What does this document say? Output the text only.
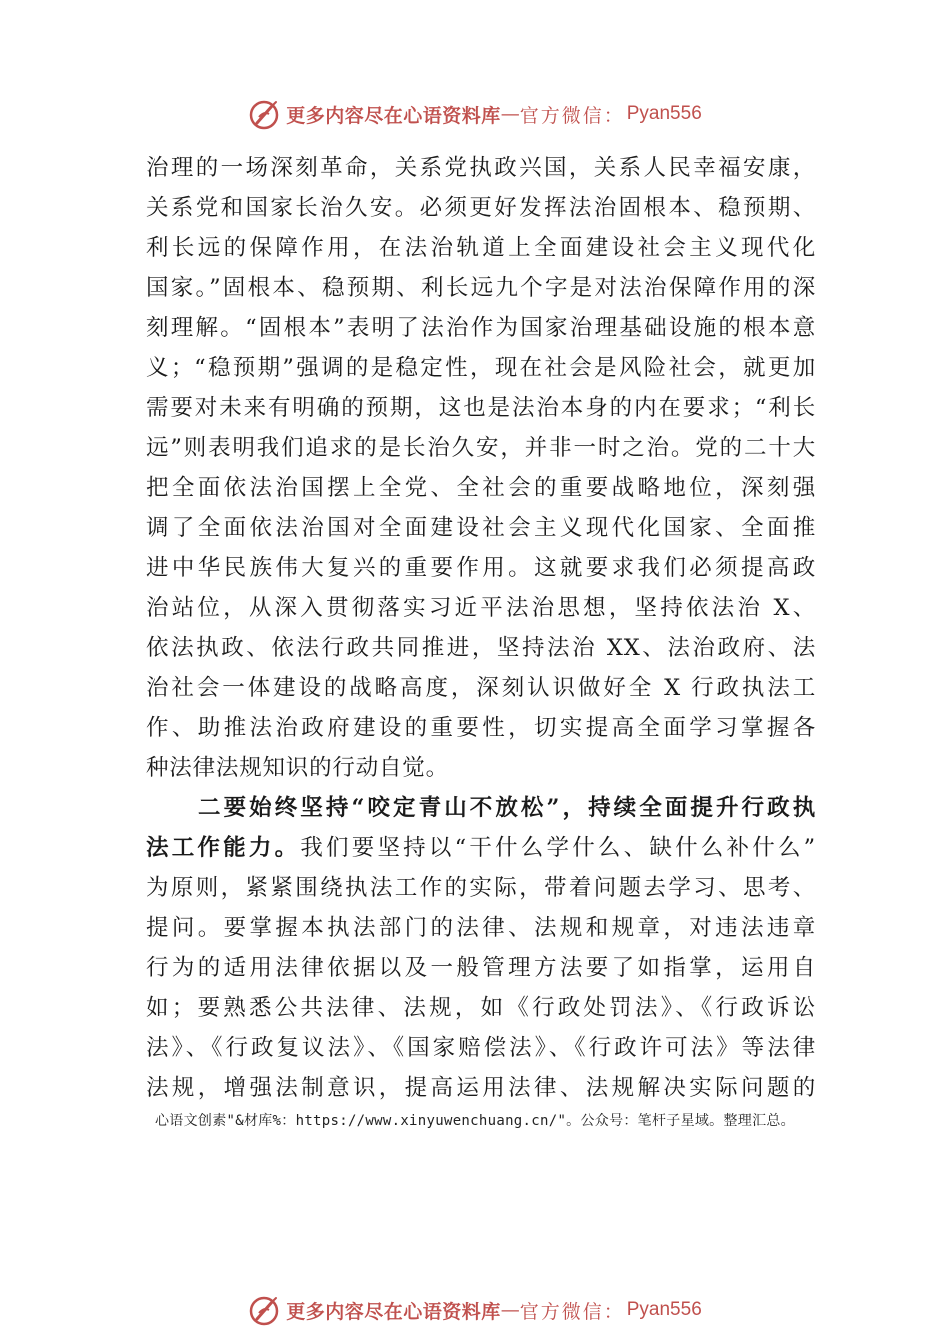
更多内容尽在心语资料库 — 官方微信： Pyan556
治理的一场深刻革命，关系党执政兴国，关系人民幸福安康，
关系党和国家长治久安。必须更好发挥法治固根本、稳预期、
利长远的保障作用，在法治轨道上全面建设社会主义现代化
国家。”固根本、稳预期、利长远九个字是对法治保障作用的深
刻理解。“固根本”表明了法治作为国家治理基础设施的根本意
义；“稳预期”强调的是稳定性，现在社会是风险社会，就更加
需要对未来有明确的预期，这也是法治本身的内在要求；“利长
远”则表明我们追求的是长治久安，并非一时之治。党的二十大
把全面依法治国摆上全党、全社会的重要战略地位，深刻强
调了全面依法治国对全面建设社会主义现代化国家、全面推
进中华民族伟大复兴的重要作用。这就要求我们必须提高政
治站位，从深入贯彻落实习近平法治思想，坚持依法治 X、
依法执政、依法行政共同推进，坚持法治 XX、法治政府、法
治社会一体建设的战略高度，深刻认识做好全 X 行政执法工
作、助推法治政府建设的重要性，切实提高全面学习掌握各
种法律法规知识的行动自觉。
二要始终坚持“咬定青山不放松”，持续全面提升行政执
法工作能力。我们要坚持以“干什么学什么、缺什么补什么”
为原则，紧紧围绕执法工作的实际，带着问题去学习、思考、
提问。要掌握本执法部门的法律、法规和规章，对违法违章
行为的适用法律依据以及一般管理方法要了如指掌，运用自
如；要熟悉公共法律、法规，如《行政处罚法》、《行政诉讼
法》、《行政复议法》、《国家赔偿法》、《行政许可法》等法律
法规，增强法制意识，提高运用法律、法规解决实际问题的
心语文创素"&材库%：https://www.xinyuwenchuang.cn/"。公众号：笔杆子星域。整理汇总。
更多内容尽在心语资料库 — 官方微信： Pyan556
